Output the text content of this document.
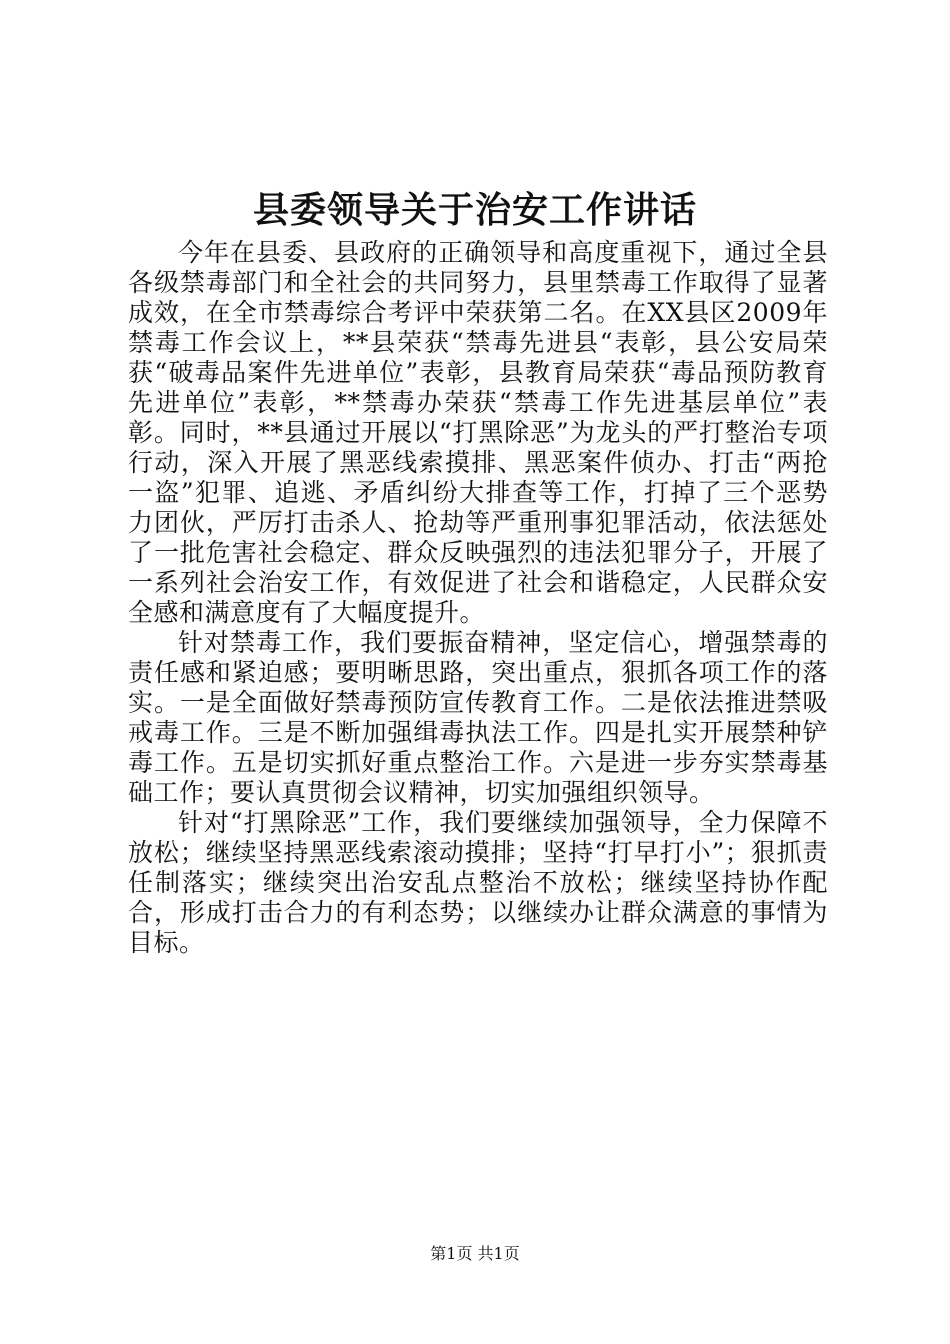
县委领导关于治安工作讲话

今年在县委、县政府的正确领导和高度重视下，通过全县各级禁毒部门和全社会的共同努力，县里禁毒工作取得了显著成效，在全市禁毒综合考评中荣获第二名。在XX县区2009年禁毒工作会议上，**县荣获“禁毒先进县“表彰，县公安局荣获“破毒品案件先进单位”表彰，县教育局荣获“毒品预防教育先进单位”表彰，**禁毒办荣获“禁毒工作先进基层单位”表彰。同时，**县通过开展以“打黑除恶”为龙头的严打整治专项行动，深入开展了黑恶线索摸排、黑恶案件侦办、打击“两抢一盗”犯罪、追逃、矛盾纠纷大排查等工作，打掉了三个恶势力团伙，严厉打击杀人、抢劫等严重刑事犯罪活动，依法惩处了一批危害社会稳定、群众反映强烈的违法犯罪分子，开展了一系列社会治安工作，有效促进了社会和谐稳定，人民群众安全感和满意度有了大幅度提升。

针对禁毒工作，我们要振奋精神，坚定信心，增强禁毒的责任感和紧迫感；要明晰思路，突出重点，狠抓各项工作的落实。一是全面做好禁毒预防宣传教育工作。二是依法推进禁吸戒毒工作。三是不断加强缉毒执法工作。四是扎实开展禁种铲毒工作。五是切实抓好重点整治工作。六是进一步夯实禁毒基础工作；要认真贯彻会议精神，切实加强组织领导。

针对“打黑除恶”工作，我们要继续加强领导，全力保障不放松；继续坚持黑恶线索滚动摸排；坚持“打早打小”；狠抓责任制落实；继续突出治安乱点整治不放松；继续坚持协作配合，形成打击合力的有利态势；以继续办让群众满意的事情为目标。

第1页 共1页
